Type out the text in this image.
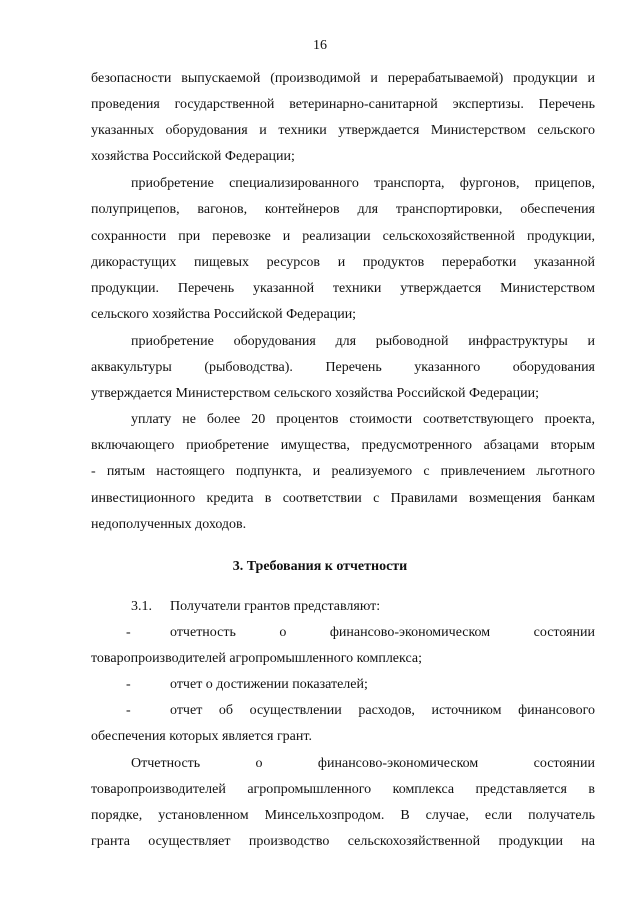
16
безопасности выпускаемой (производимой и перерабатываемой) продукции и
проведения государственной ветеринарно-санитарной экспертизы. Перечень
указанных оборудования и техники утверждается Министерством сельского
хозяйства Российской Федерации;
приобретение специализированного транспорта, фургонов, прицепов,
полуприцепов, вагонов, контейнеров для транспортировки, обеспечения
сохранности при перевозке и реализации сельскохозяйственной продукции,
дикорастущих пищевых ресурсов и продуктов переработки указанной
продукции. Перечень указанной техники утверждается Министерством
сельского хозяйства Российской Федерации;
приобретение оборудования для рыбоводной инфраструктуры и
аквакультуры (рыбоводства). Перечень указанного оборудования
утверждается Министерством сельского хозяйства Российской Федерации;
уплату не более 20 процентов стоимости соответствующего проекта,
включающего приобретение имущества, предусмотренного абзацами вторым
- пятым настоящего подпункта, и реализуемого с привлечением льготного
инвестиционного кредита в соответствии с Правилами возмещения банкам
недополученных доходов.
3. Требования к отчетности
3.1. Получатели грантов представляют:
-	отчетность о финансово-экономическом состоянии
товаропроизводителей агропромышленного комплекса;
-	отчет о достижении показателей;
-	отчет об осуществлении расходов, источником финансового
обеспечения которых является грант.
Отчетность о финансово-экономическом состоянии
товаропроизводителей агропромышленного комплекса представляется в
порядке, установленном Минсельхозпродом. В случае, если получатель
гранта осуществляет производство сельскохозяйственной продукции на
